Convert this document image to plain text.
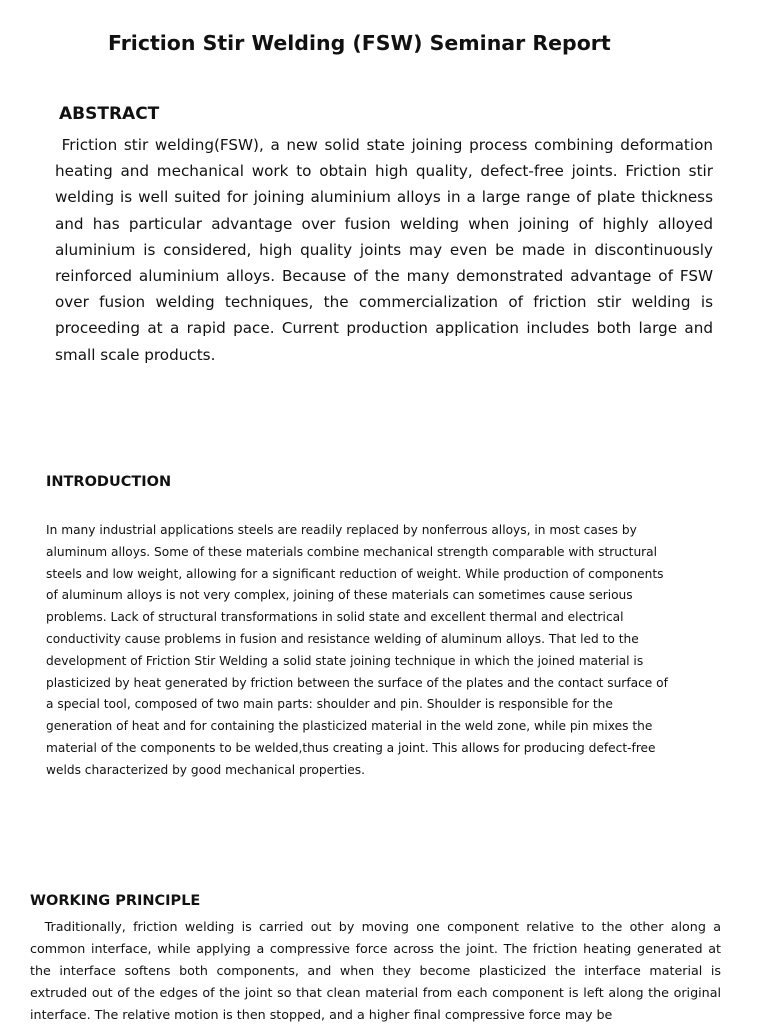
Friction Stir Welding (FSW) Seminar Report
ABSTRACT

Friction stir welding(FSW), a new solid state joining process combining deformation heating and mechanical work to obtain high quality, defect-free joints. Friction stir welding is well suited for joining aluminium alloys in a large range of plate thickness and has particular advantage over fusion welding when joining of highly alloyed aluminium is considered, high quality joints may even be made in discontinuously reinforced aluminium alloys. Because of the many demonstrated advantage of FSW over fusion welding techniques, the commercialization of friction stir welding is proceeding at a rapid pace. Current production application includes both large and small scale products.

INTRODUCTION

In many industrial applications steels are readily replaced by nonferrous alloys, in most cases by aluminum alloys. Some of these materials combine mechanical strength comparable with structural steels and low weight, allowing for a significant reduction of weight. While production of components of aluminum alloys is not very complex, joining of these materials can sometimes cause serious problems. Lack of structural transformations in solid state and excellent thermal and electrical conductivity cause problems in fusion and resistance welding of aluminum alloys. That led to the development of Friction Stir Welding a solid state joining technique in which the joined material is plasticized by heat generated by friction between the surface of the plates and the contact surface of a special tool, composed of two main parts: shoulder and pin. Shoulder is responsible for the generation of heat and for containing the plasticized material in the weld zone, while pin mixes the material of the components to be welded,thus creating a joint. This allows for producing defect-free welds characterized by good mechanical properties.

WORKING PRINCIPLE

Traditionally, friction welding is carried out by moving one component relative to the other along a common interface, while applying a compressive force across the joint. The friction heating generated at the interface softens both components, and when they become plasticized the interface material is extruded out of the edges of the joint so that clean material from each component is left along the original interface. The relative motion is then stopped, and a higher final compressive force may be
